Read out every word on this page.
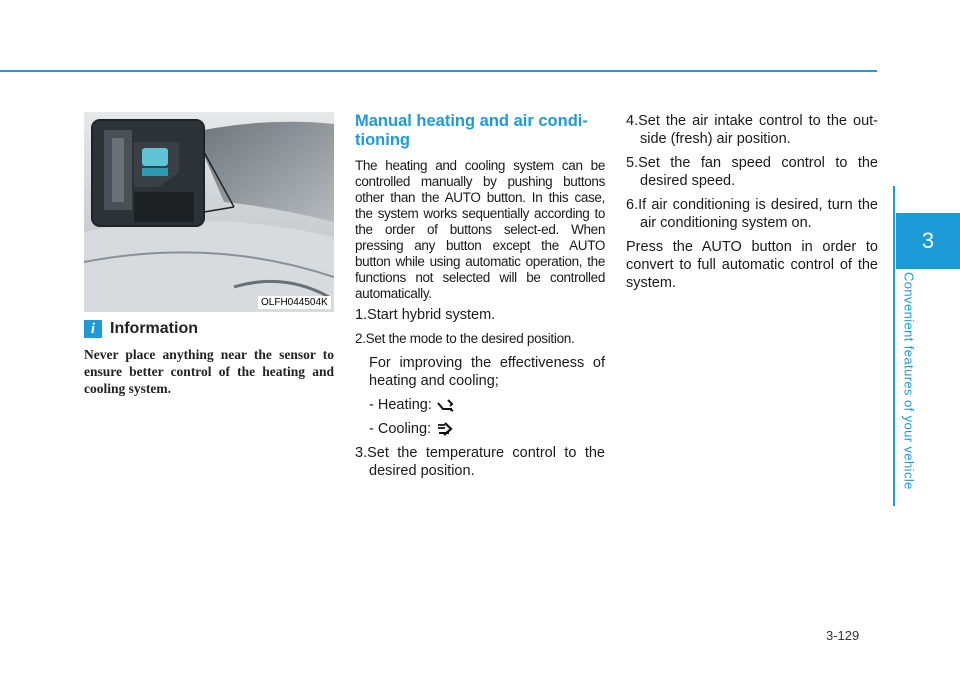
3
Convenient features of your vehicle
3-129
OLFH044504K
i Information
Never place anything near the sensor to ensure better control of the heating and cooling system.
Manual heating and air condi-tioning

The heating and cooling system can be controlled manually by pushing buttons other than the AUTO button. In this case, the system works sequentially according to the order of buttons select-ed. When pressing any button except the AUTO button while using automatic operation, the functions not selected will be controlled automatically.

1.Start hybrid system.

2.Set the mode to the desired position.

For improving the effectiveness of heating and cooling;

- Heating:
- Cooling:

3.Set the temperature control to the desired position.

4.Set the air intake control to the out-side (fresh) air position.

5.Set the fan speed control to the desired speed.

6.If air conditioning is desired, turn the air conditioning system on.

Press the AUTO button in order to convert to full automatic control of the system.
